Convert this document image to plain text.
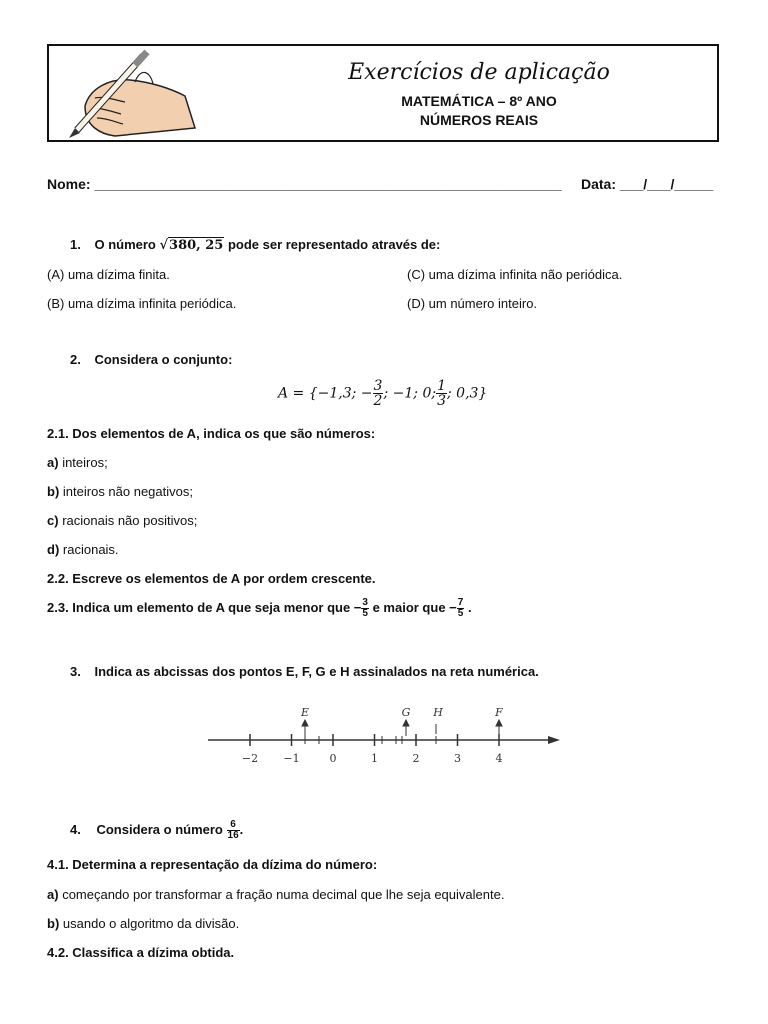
Exercícios de aplicação
MATEMÁTICA – 8º ANO
NÚMEROS REAIS
Nome: ____________________________________________________________ Data: ___/___/_____
1. O número √380, 25 pode ser representado através de:
(A) uma dízima finita.	(C) uma dízima infinita não periódica.
(B) uma dízima infinita periódica.	(D) um número inteiro.
2. Considera o conjunto:
A = {−1,3; − $\frac{3}{2}$ ; −1; 0; $\frac{1}{3}$ ; 0,3}
2.1. Dos elementos de A, indica os que são números:
a) inteiros;
b) inteiros não negativos;
c) racionais não positivos;
d) racionais.
2.2. Escreve os elementos de A por ordem crescente.
2.3. Indica um elemento de A que seja menor que − $\frac{3}{5}$ e maior que − $\frac{7}{5}$ .
3. Indica as abcissas dos pontos E, F, G e H assinalados na reta numérica.
−2 −1	0	1	2	3	4
E	G H	F
4. Considera o número $\frac{6}{16}$ .
4.1. Determina a representação da dízima do número:
a) começando por transformar a fração numa decimal que lhe seja equivalente.
b) usando o algoritmo da divisão.
4.2. Classifica a dízima obtida.
